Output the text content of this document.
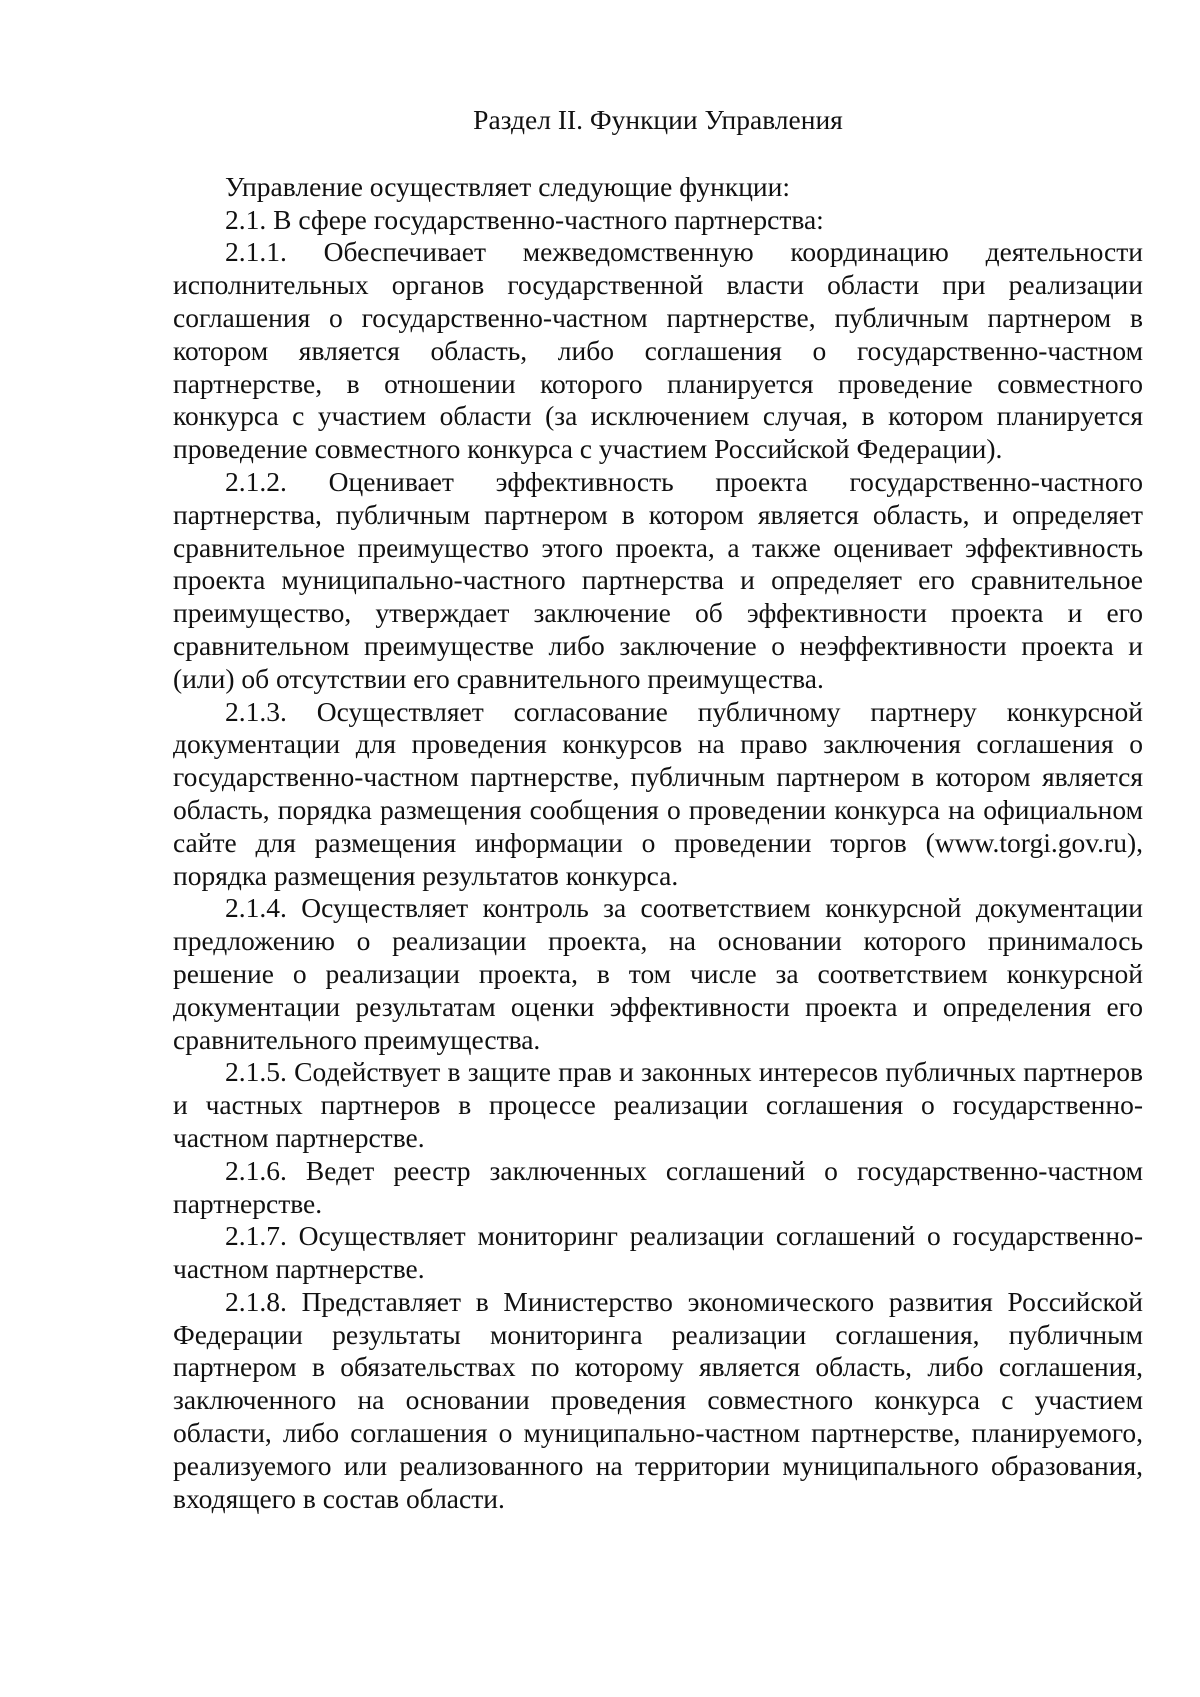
Раздел II. Функции Управления

Управление осуществляет следующие функции:

2.1. В сфере государственно-частного партнерства:

2.1.1. Обеспечивает межведомственную координацию деятельности исполнительных органов государственной власти области при реализации соглашения о государственно-частном партнерстве, публичным партнером в котором является область, либо соглашения о государственно-частном партнерстве, в отношении которого планируется проведение совместного конкурса с участием области (за исключением случая, в котором планируется проведение совместного конкурса с участием Российской Федерации).

2.1.2. Оценивает эффективность проекта государственно-частного партнерства, публичным партнером в котором является область, и определяет сравнительное преимущество этого проекта, а также оценивает эффективность проекта муниципально-частного партнерства и определяет его сравнительное преимущество, утверждает заключение об эффективности проекта и его сравнительном преимуществе либо заключение о неэффективности проекта и (или) об отсутствии его сравнительного преимущества.

2.1.3. Осуществляет согласование публичному партнеру конкурсной документации для проведения конкурсов на право заключения соглашения о государственно-частном партнерстве, публичным партнером в котором является область, порядка размещения сообщения о проведении конкурса на официальном сайте для размещения информации о проведении торгов (www.torgi.gov.ru), порядка размещения результатов конкурса.

2.1.4. Осуществляет контроль за соответствием конкурсной документации предложению о реализации проекта, на основании которого принималось решение о реализации проекта, в том числе за соответствием конкурсной документации результатам оценки эффективности проекта и определения его сравнительного преимущества.

2.1.5. Содействует в защите прав и законных интересов публичных партнеров и частных партнеров в процессе реализации соглашения о государственно-частном партнерстве.

2.1.6. Ведет реестр заключенных соглашений о государственно-частном партнерстве.

2.1.7. Осуществляет мониторинг реализации соглашений о государственно-частном партнерстве.

2.1.8. Представляет в Министерство экономического развития Российской Федерации результаты мониторинга реализации соглашения, публичным партнером в обязательствах по которому является область, либо соглашения, заключенного на основании проведения совместного конкурса с участием области, либо соглашения о муниципально-частном партнерстве, планируемого, реализуемого или реализованного на территории муниципального образования, входящего в состав области.
